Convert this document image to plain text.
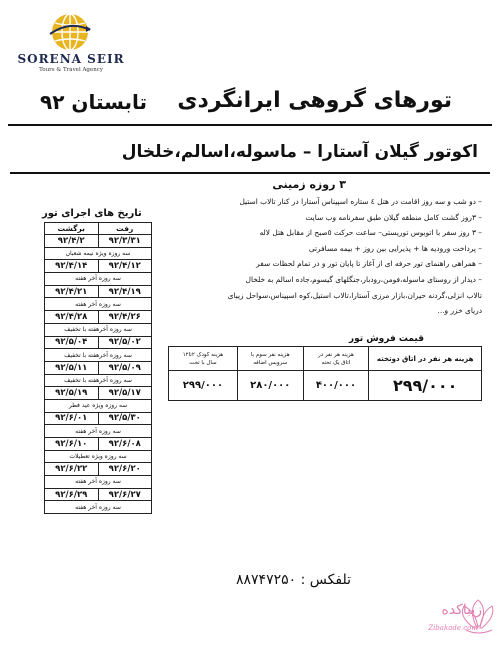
SORENA SEIR
Tours & Travel Agency
تورهای گروهی ایرانگردی
تابستان ۹۲
اکوتور گیلان آستارا – ماسوله،اسالم،خلخال
۳ روزه زمینی
– دو شب و سه روز اقامت در هتل ٤ ستاره اسپیناس آستارا در کنار تالاب استیل
– ۳روز گشت کامل منطقه گیلان طبق سفرنامه وب سایت
– ۳ روز سفر با اتوبوس توریستی– ساعت حرکت ٥صبح از مقابل هتل لاله
– پرداخت ورودیه ها + پذیرایی بین روز + بیمه مسافرتی
– همراهی راهنمای تور حرفه ای از آغاز تا پایان تور و در تمام لحظات سفر
– دیدار از روستای ماسوله،فومن،رودبار،جنگلهای گیسوم،جاده اسالم به خلخال
تالاب انزلی،گردنه حیران،بازار مرزی آستارا،تالاب استیل،کوه اسپیناس،سواحل زیبای
دریای خزر و...
قیمت فروش تور
هزینه هر نفر در اتاق دوتخته	هزینه هر نفر در
اتاق یک تخته	هزینه نفر سوم با
سرویس اضافه	هزینه کودک ۲تا۱۲
سال با تخت
۲۹۹/۰۰۰	۴۰۰/۰۰۰	۲۸۰/۰۰۰	۲۹۹/۰۰۰
تاریخ های اجرای تور
رفت	برگشت
۹۲/۳/۳۱	۹۲/۴/۲
سه روزه ویژه نیمه شعبان	
۹۲/۴/۱۲	۹۲/۴/۱۴
سه روزه آخر هفته	
۹۲/۴/۱۹	۹۲/۴/۲۱
سه روزه آخر هفته	
۹۲/۴/۲۶	۹۲/۴/۲۸
سه روزه آخرهفته با تخفیف	
۹۲/۵/۰۲	۹۲/۵/۰۴
سه روزه آخرهفته با تخفیف	
۹۲/۵/۰۹	۹۲/۵/۱۱
سه روزه آخرهفته با تخفیف	
۹۲/۵/۱۷	۹۲/۵/۱۹
سه روزه ویژه عید فطر	
۹۲/۵/۳۰	۹۲/۶/۰۱
سه روزه آخر هفته	
۹۲/۶/۰۸	۹۲/۶/۱۰
سه روزه ویژه تعطیلات	
۹۲/۶/۲۰	۹۲/۶/۲۲
سه روزه آخر هفته	
۹۲/۶/۲۷	۹۲/۶/۲۹
سه روزه آخر هفته	
تلفکس : ۸۸۷۴۷۲۵۰
زیباکده
Zibakade.com
